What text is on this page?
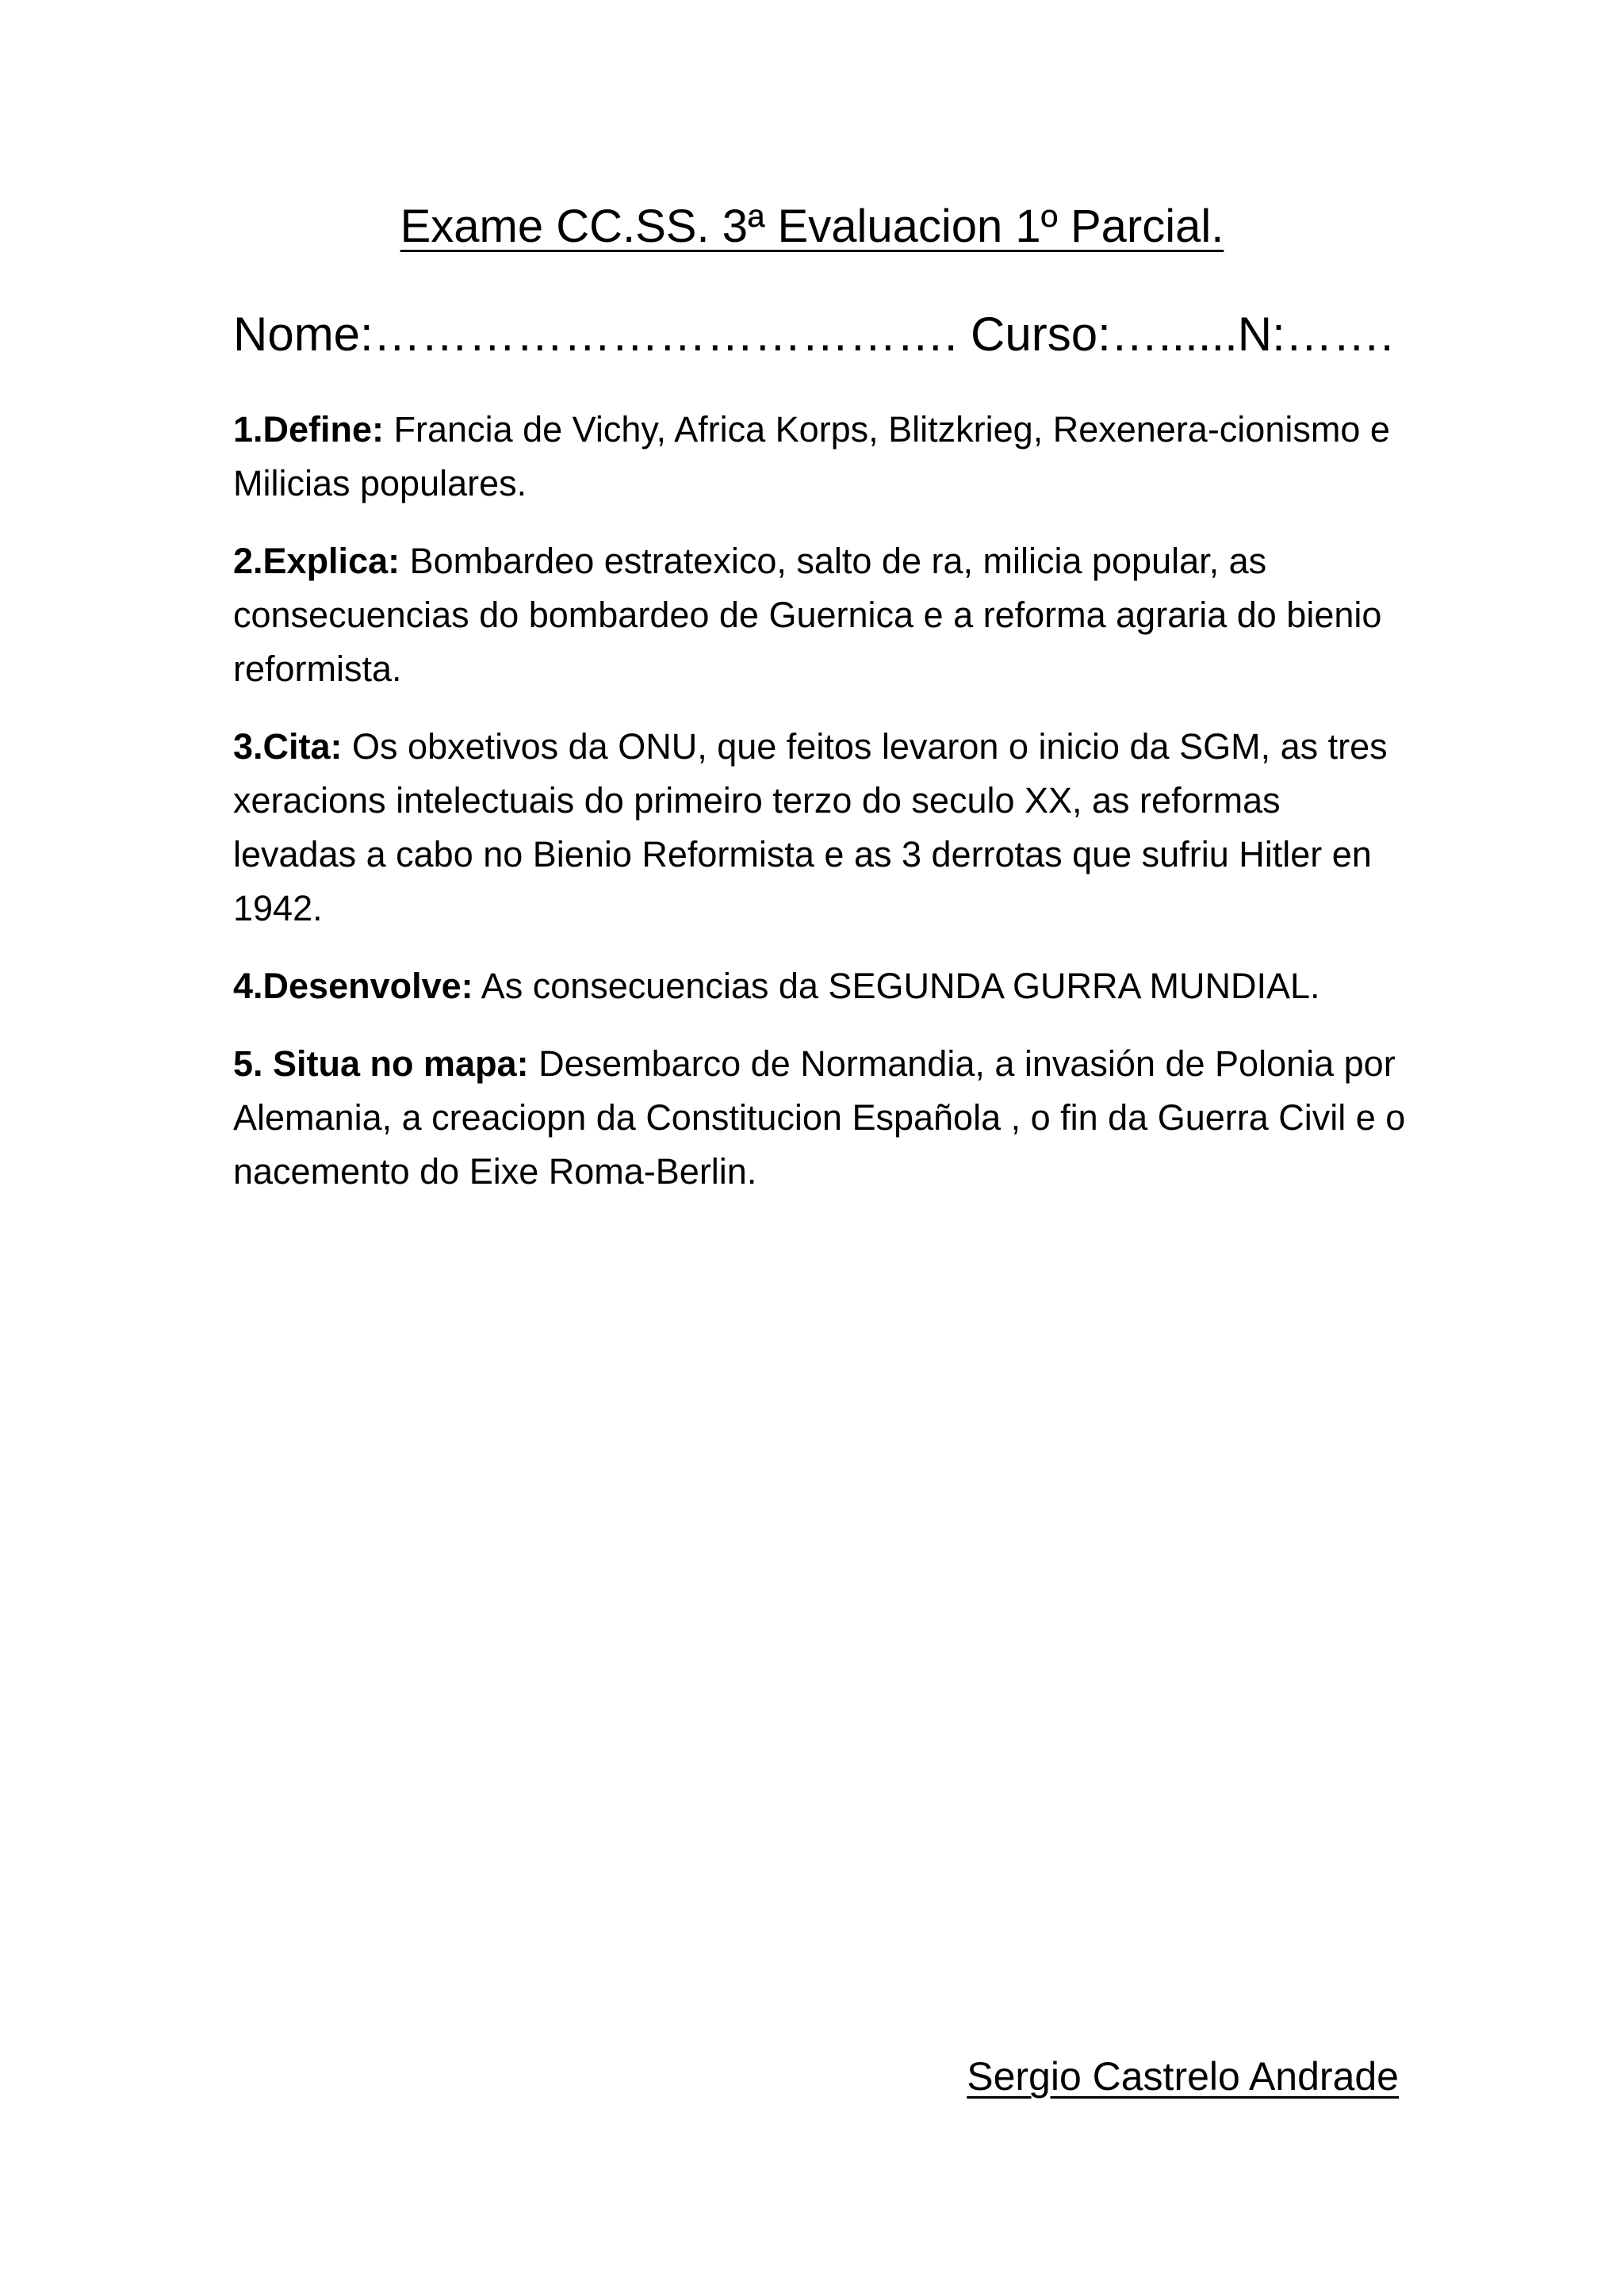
Exame CC.SS. 3ª Evaluacion 1º Parcial.
Nome:………………………………. Curso:…......N:…….

1.Define: Francia de Vichy, Africa Korps, Blitzkrieg, Rexenera-cionismo e Milicias populares.

2.Explica: Bombardeo estratexico, salto de ra, milicia popular, as consecuencias do bombardeo de Guernica e a reforma agraria do bienio reformista.

3.Cita: Os obxetivos da ONU, que feitos levaron o inicio da SGM, as tres xeracions intelectuais do primeiro terzo do seculo XX, as reformas levadas a cabo no Bienio Reformista e as 3 derrotas que sufriu Hitler en 1942.

4.Desenvolve: As consecuencias da SEGUNDA GURRA MUNDIAL.

5. Situa no mapa: Desembarco de Normandia, a invasión de Polonia por Alemania, a creaciopn da Constitucion Española , o fin da Guerra Civil e o nacemento do Eixe Roma-Berlin.

Sergio Castrelo Andrade
